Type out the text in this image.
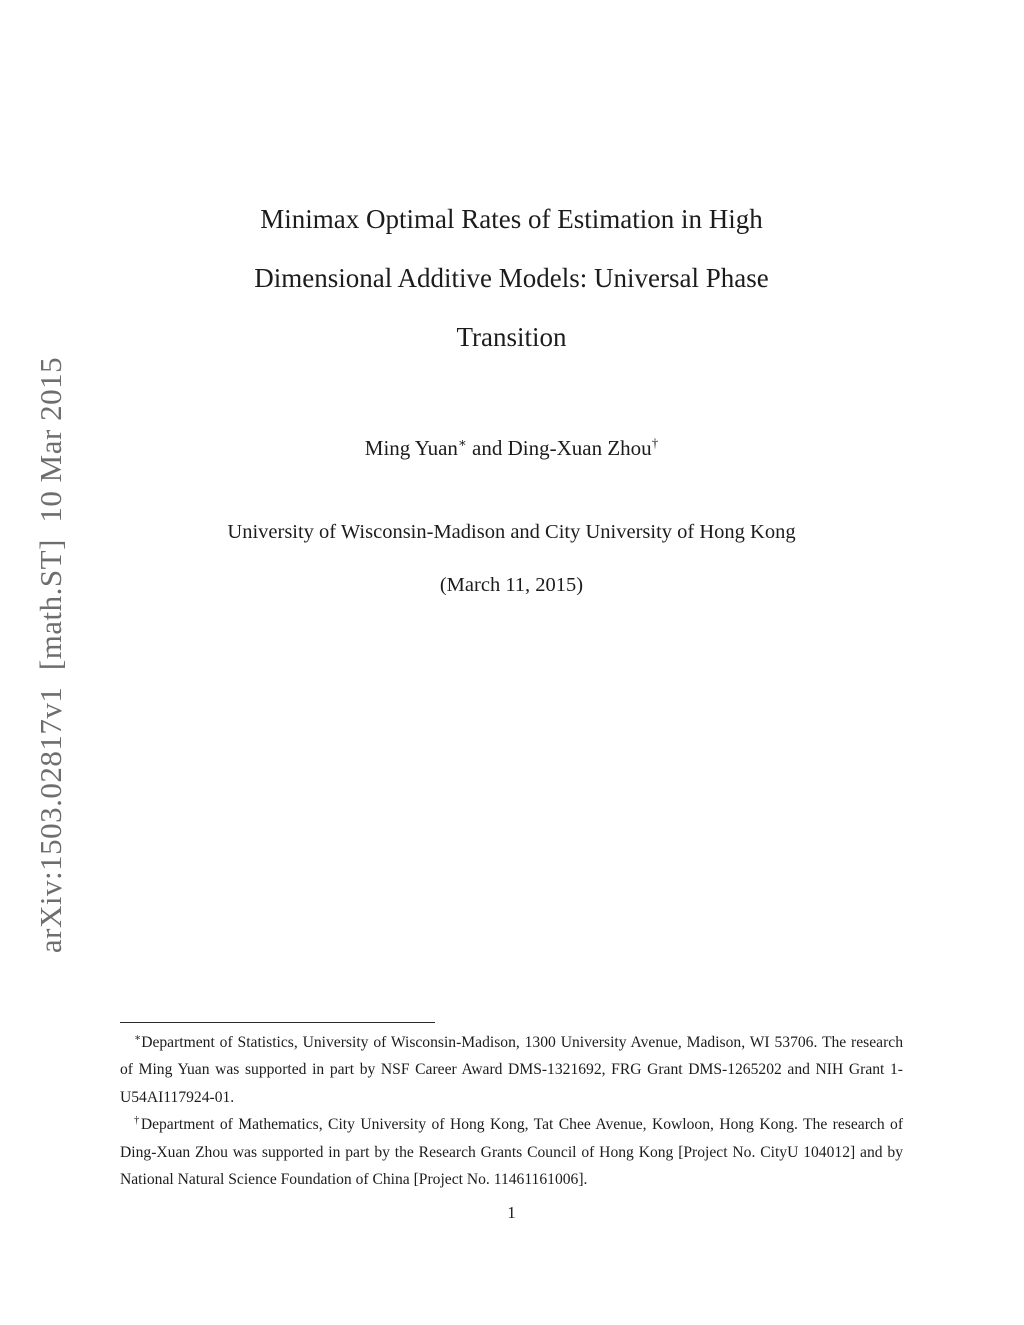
arXiv:1503.02817v1  [math.ST]  10 Mar 2015
Minimax Optimal Rates of Estimation in High
Dimensional Additive Models: Universal Phase
Transition
Ming Yuan∗ and Ding-Xuan Zhou†
University of Wisconsin-Madison and City University of Hong Kong
(March 11, 2015)

∗Department of Statistics, University of Wisconsin-Madison, 1300 University Avenue, Madison, WI 53706. The research of Ming Yuan was supported in part by NSF Career Award DMS-1321692, FRG Grant DMS-1265202 and NIH Grant 1-U54AI117924-01.

†Department of Mathematics, City University of Hong Kong, Tat Chee Avenue, Kowloon, Hong Kong. The research of Ding-Xuan Zhou was supported in part by the Research Grants Council of Hong Kong [Project No. CityU 104012] and by National Natural Science Foundation of China [Project No. 11461161006].

1
